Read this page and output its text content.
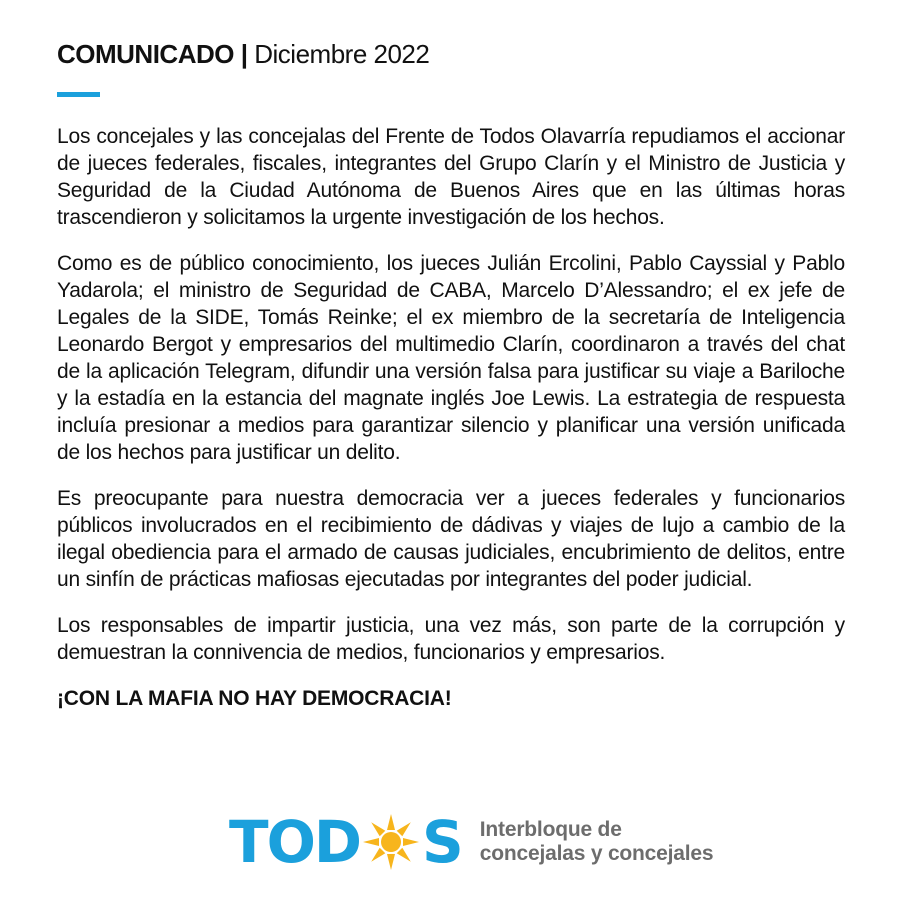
COMUNICADO | Diciembre 2022

Los concejales y las concejalas del Frente de Todos Olavarría repudiamos el accionar de jueces federales, fiscales, integrantes del Grupo Clarín y el Ministro de Justicia y Seguridad de la Ciudad Autónoma de Buenos Aires que en las últimas horas trascendieron y solicitamos la urgente investigación de los hechos.

Como es de público conocimiento, los jueces Julián Ercolini, Pablo Cayssial y Pablo Yadarola; el ministro de Seguridad de CABA, Marcelo D’Alessandro; el ex jefe de Legales de la SIDE, Tomás Reinke; el ex miembro de la secretaría de Inteligencia Leonardo Bergot y empresarios del multimedio Clarín, coordinaron a través del chat de la aplicación Telegram, difundir una versión falsa para justificar su viaje a Bariloche y la estadía en la estancia del magnate inglés Joe Lewis. La estrategia de respuesta incluía presionar a medios para garantizar silencio y planificar una versión unificada de los hechos para justificar un delito.

Es preocupante para nuestra democracia ver a jueces federales y funcionarios públicos involucrados en el recibimiento de dádivas y viajes de lujo a cambio de la ilegal obediencia para el armado de causas judiciales, encubrimiento de delitos, entre un sinfín de prácticas mafiosas ejecutadas por integrantes del poder judicial.

Los responsables de impartir justicia, una vez más, son parte de la corrupción y demuestran la connivencia de medios, funcionarios y empresarios.

¡CON LA MAFIA NO HAY DEMOCRACIA!

TOD S Interbloque de
concejalas y concejales
